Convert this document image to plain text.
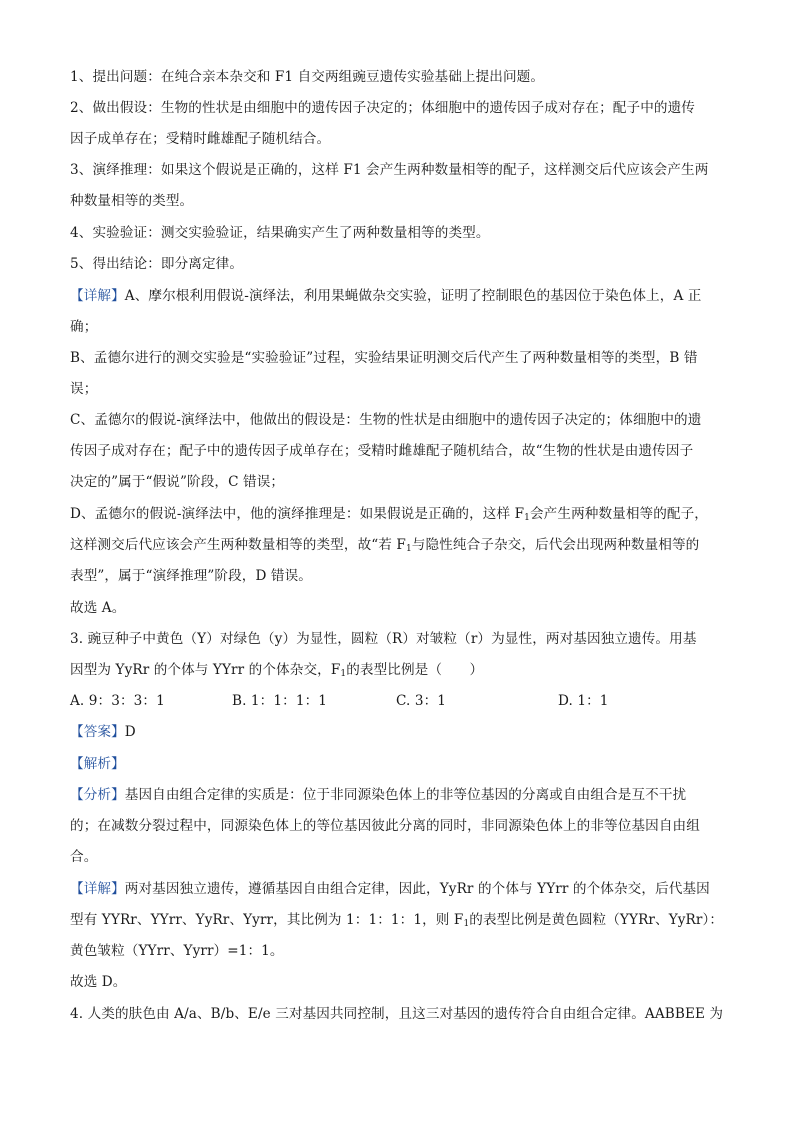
1、提出问题：在纯合亲本杂交和 F1 自交两组豌豆遗传实验基础上提出问题。
2、做出假设：生物的性状是由细胞中的遗传因子决定的；体细胞中的遗传因子成对存在；配子中的遗传
因子成单存在；受精时雌雄配子随机结合。
3、演绎推理：如果这个假说是正确的，这样 F1 会产生两种数量相等的配子，这样测交后代应该会产生两
种数量相等的类型。
4、实验验证：测交实验验证，结果确实产生了两种数量相等的类型。
5、得出结论：即分离定律。
【详解】A、摩尔根利用假说-演绎法，利用果蝇做杂交实验，证明了控制眼色的基因位于染色体上，A 正
确；
B、孟德尔进行的测交实验是“实验验证”过程，实验结果证明测交后代产生了两种数量相等的类型，B 错
误；
C、孟德尔的假说-演绎法中，他做出的假设是：生物的性状是由细胞中的遗传因子决定的；体细胞中的遗
传因子成对存在；配子中的遗传因子成单存在；受精时雌雄配子随机结合，故“生物的性状是由遗传因子
决定的”属于“假说”阶段，C 错误；
D、孟德尔的假说-演绎法中，他的演绎推理是：如果假说是正确的，这样 $F_1$会产生两种数量相等的配子，
这样测交后代应该会产生两种数量相等的类型，故“若 $F_1$与隐性纯合子杂交，后代会出现两种数量相等的
表型”，属于“演绎推理”阶段，D 错误。
故选 A。
3. 豌豆种子中黄色（Y）对绿色（y）为显性，圆粒（R）对皱粒（r）为显性，两对基因独立遗传。用基
因型为 YyRr 的个体与 YYrr 的个体杂交，$F_1$的表型比例是（　　）
A. 9：3：3：1	B. 1：1：1：1	C. 3：1	D. 1：1
【答案】D
【解析】
【分析】基因自由组合定律的实质是：位于非同源染色体上的非等位基因的分离或自由组合是互不干扰
的；在减数分裂过程中，同源染色体上的等位基因彼此分离的同时，非同源染色体上的非等位基因自由组
合。
【详解】两对基因独立遗传，遵循基因自由组合定律，因此，YyRr 的个体与 YYrr 的个体杂交，后代基因
型有 YYRr、YYrr、YyRr、Yyrr，其比例为 1：1：1：1，则 $F_1$的表型比例是黄色圆粒（YYRr、YyRr）：
黄色皱粒（YYrr、Yyrr）=1：1。
故选 D。
4. 人类的肤色由 A/a、B/b、E/e 三对基因共同控制，且这三对基因的遗传符合自由组合定律。AABBEE 为
